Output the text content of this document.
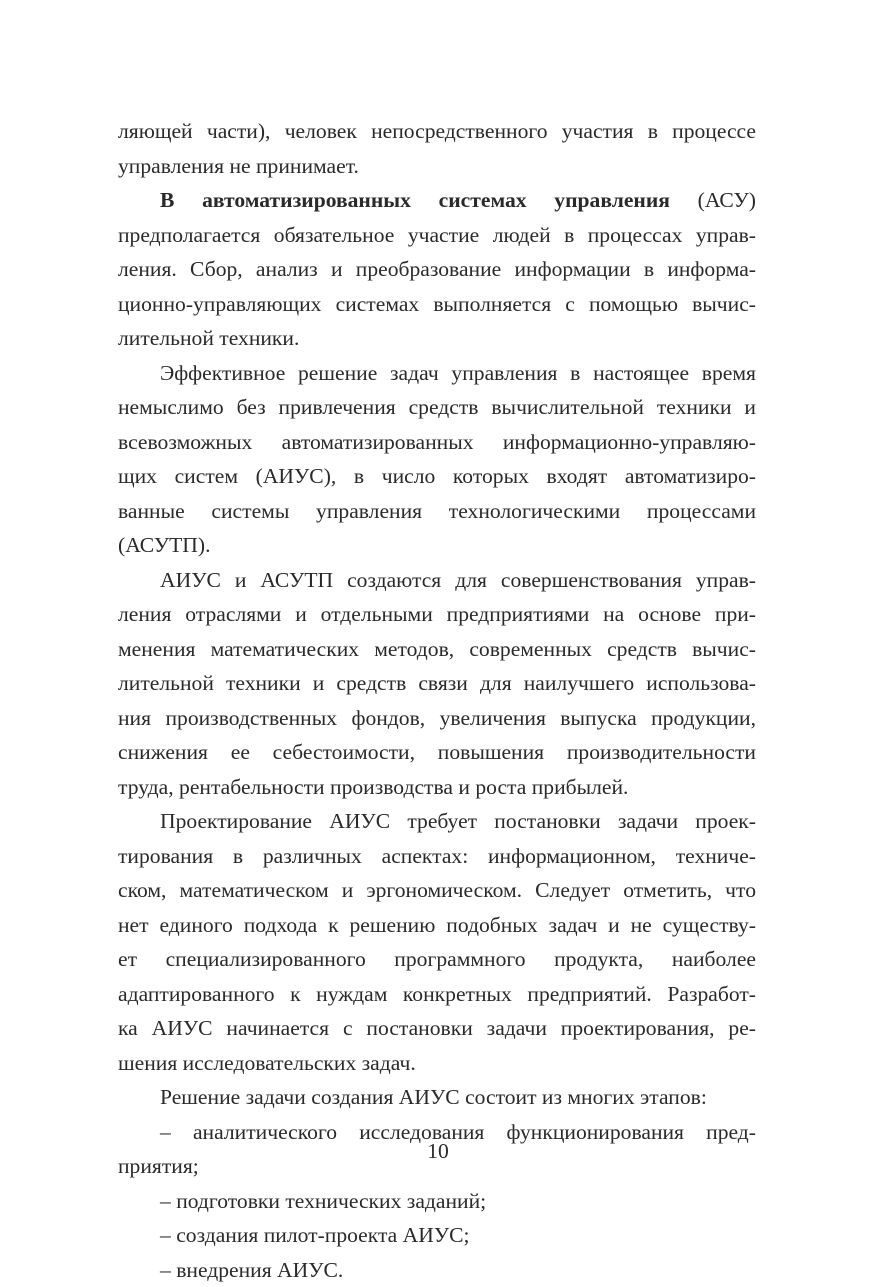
ляющей части), человек непосредственного участия в процессе
управления не принимает.
В автоматизированных системах управления (АСУ)
предполагается обязательное участие людей в процессах управ-
ления. Сбор, анализ и преобразование информации в информа-
ционно-управляющих системах выполняется с помощью вычис-
лительной техники.
Эффективное решение задач управления в настоящее время
немыслимо без привлечения средств вычислительной техники и
всевозможных автоматизированных информационно-управляю-
щих систем (АИУС), в число которых входят автоматизиро-
ванные системы управления технологическими процессами
(АСУТП).
АИУС и АСУТП создаются для совершенствования управ-
ления отраслями и отдельными предприятиями на основе при-
менения математических методов, современных средств вычис-
лительной техники и средств связи для наилучшего использова-
ния производственных фондов, увеличения выпуска продукции,
снижения ее себестоимости, повышения производительности
труда, рентабельности производства и роста прибылей.
Проектирование АИУС требует постановки задачи проек-
тирования в различных аспектах: информационном, техниче-
ском, математическом и эргономическом. Следует отметить, что
нет единого подхода к решению подобных задач и не существу-
ет специализированного программного продукта, наиболее
адаптированного к нуждам конкретных предприятий. Разработ-
ка АИУС начинается с постановки задачи проектирования, ре-
шения исследовательских задач.
Решение задачи создания АИУС состоит из многих этапов:
– аналитического исследования функционирования пред-
приятия;
– подготовки технических заданий;
– создания пилот-проекта АИУС;
– внедрения АИУС.
10
